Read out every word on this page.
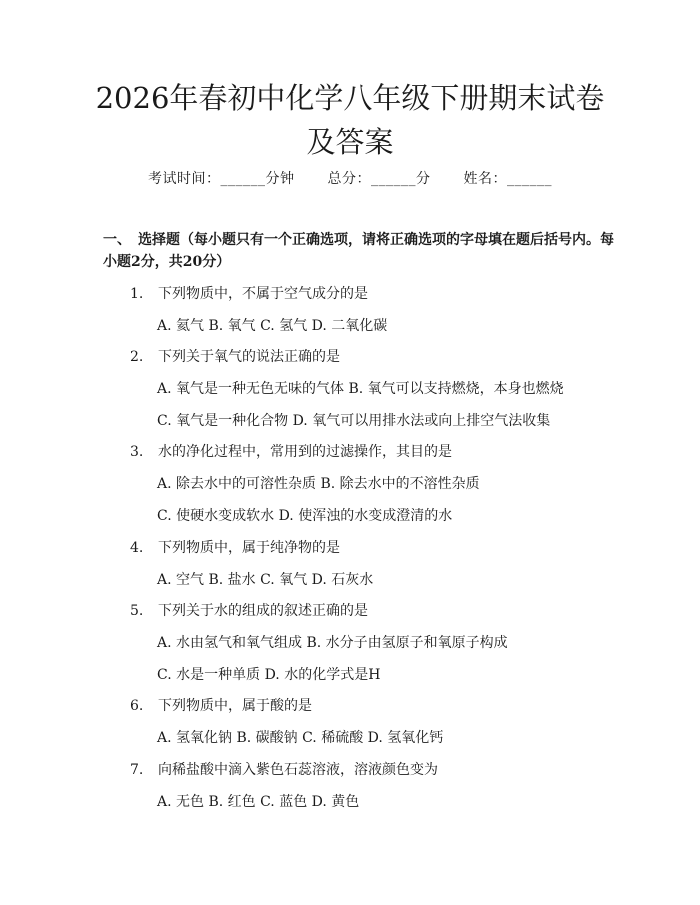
2026年春初中化学八年级下册期末试卷及答案
考试时间：______分钟 总分：______分 姓名：______
一、　选择题（每小题只有一个正确选项，请将正确选项的字母填在题后括号内。每小题2分，共20分）
1. 下列物质中，不属于空气成分的是
A. 氦气 B. 氧气 C. 氢气 D. 二氧化碳
2. 下列关于氧气的说法正确的是
A. 氧气是一种无色无味的气体 B. 氧气可以支持燃烧，本身也燃烧
C. 氧气是一种化合物 D. 氧气可以用排水法或向上排空气法收集
3. 水的净化过程中，常用到的过滤操作，其目的是
A. 除去水中的可溶性杂质 B. 除去水中的不溶性杂质
C. 使硬水变成软水 D. 使浑浊的水变成澄清的水
4. 下列物质中，属于纯净物的是
A. 空气 B. 盐水 C. 氧气 D. 石灰水
5. 下列关于水的组成的叙述正确的是
A. 水由氢气和氧气组成 B. 水分子由氢原子和氧原子构成
C. 水是一种单质 D. 水的化学式是H
6. 下列物质中，属于酸的是
A. 氢氧化钠 B. 碳酸钠 C. 稀硫酸 D. 氢氧化钙
7. 向稀盐酸中滴入紫色石蕊溶液，溶液颜色变为
A. 无色 B. 红色 C. 蓝色 D. 黄色
